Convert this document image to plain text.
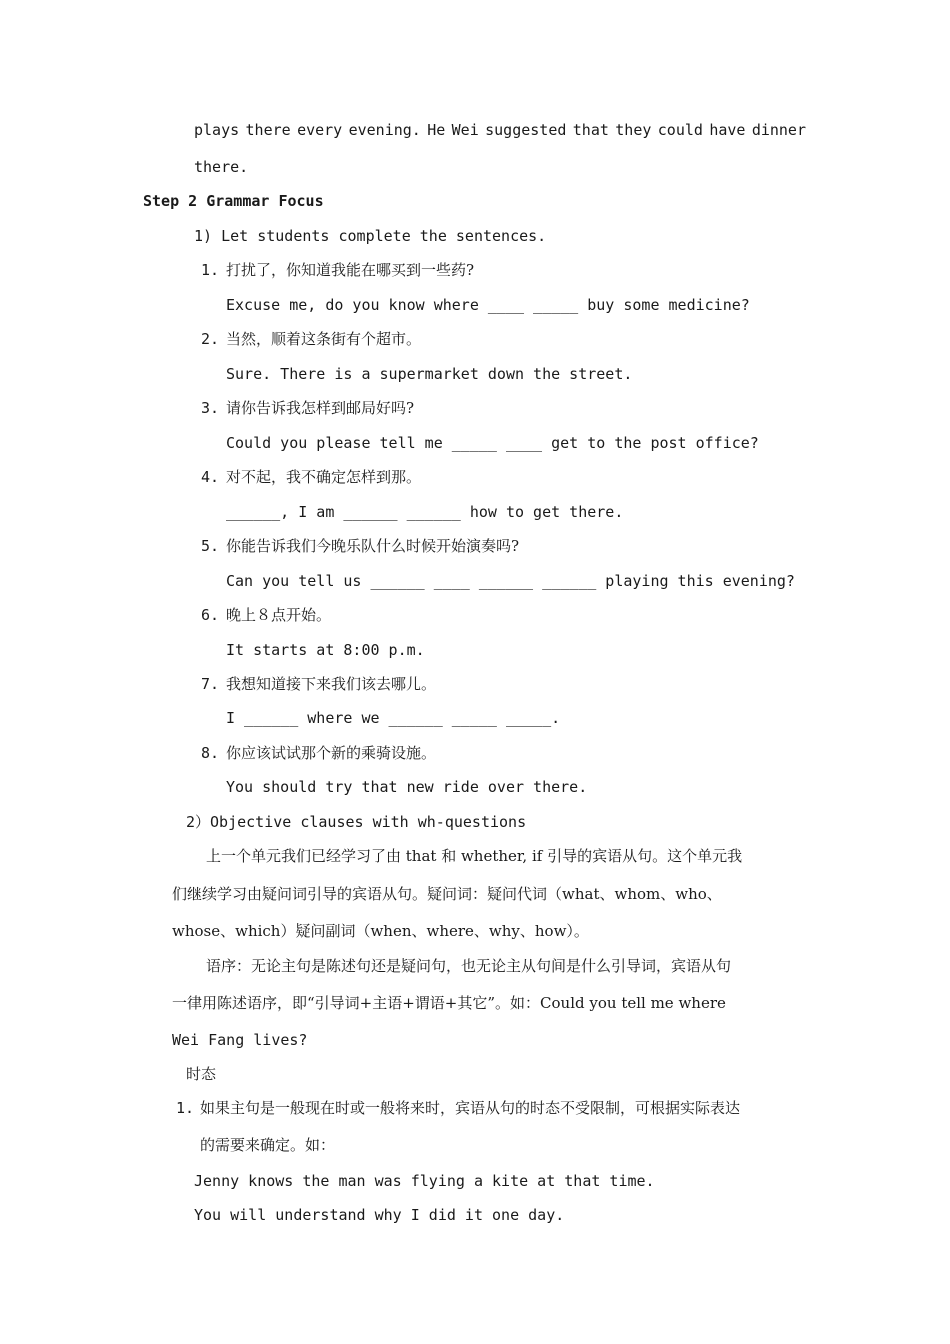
plays there every evening. He Wei suggested that they could have dinner
there.
Step 2 Grammar Focus
1) Let students complete the sentences.
1. 打扰了，你知道我能在哪买到一些药?
Excuse me, do you know where ____ _____ buy some medicine?
2. 当然，顺着这条街有个超市。
Sure. There is a supermarket down the street.
3. 请你告诉我怎样到邮局好吗?
Could you please tell me _____ ____ get to the post office?
4. 对不起，我不确定怎样到那。
______, I am ______ ______ how to get there.
5. 你能告诉我们今晚乐队什么时候开始演奏吗?
Can you tell us ______ ____ ______ ______ playing this evening?
6. 晚上８点开始。
It starts at 8:00 p.m.
7. 我想知道接下来我们该去哪儿。
I ______ where we ______ _____ _____.
8. 你应该试试那个新的乘骑设施。
You should try that new ride over there.
2）Objective clauses with wh-questions
上一个单元我们已经学习了由 that 和 whether, if 引导的宾语从句。这个单元我
们继续学习由疑问词引导的宾语从句。疑问词：疑问代词（what、whom、who、
whose、which）疑问副词（when、where、why、how）。
语序：无论主句是陈述句还是疑问句，也无论主从句间是什么引导词，宾语从句
一律用陈述语序，即“引导词+主语+谓语+其它”。如：Could you tell me where
Wei Fang lives?
时态
1. 如果主句是一般现在时或一般将来时，宾语从句的时态不受限制，可根据实际表达
的需要来确定。如：
Jenny knows the man was flying a kite at that time.
You will understand why I did it one day.
